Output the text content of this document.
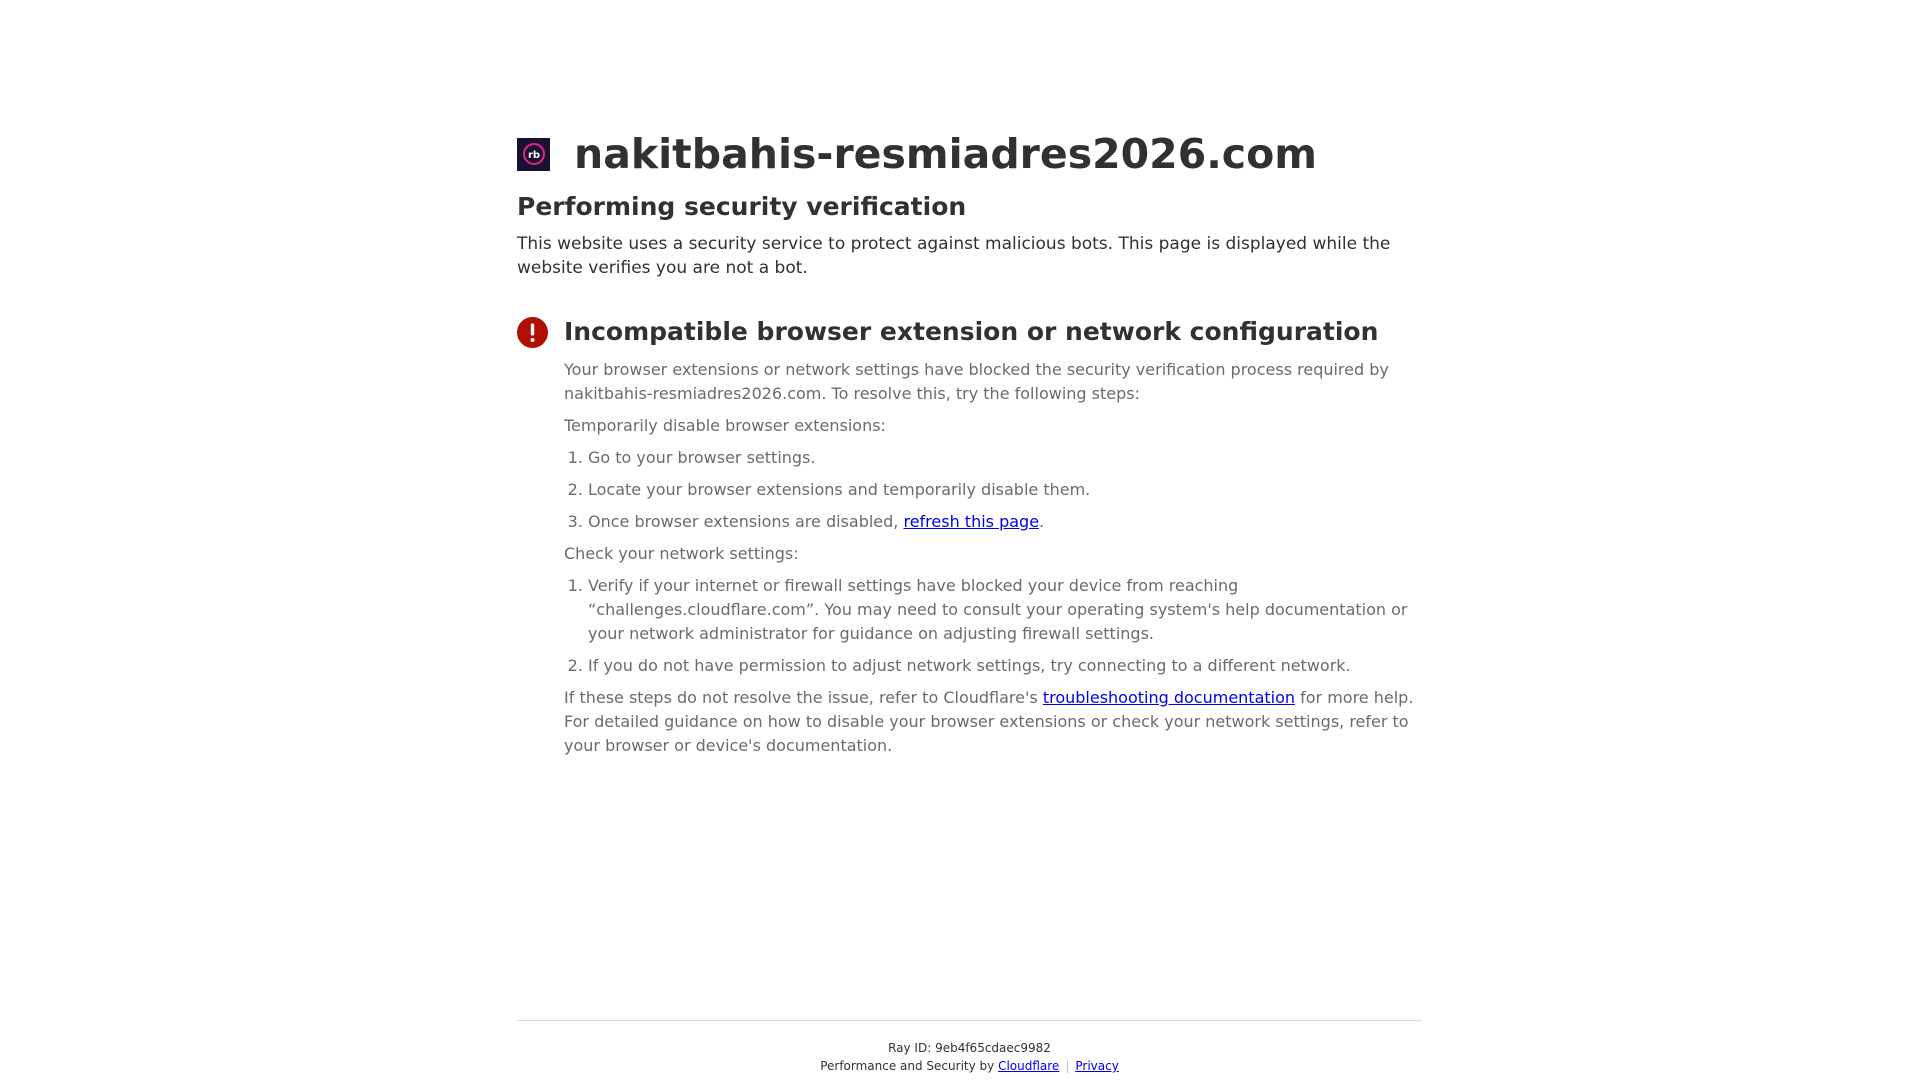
rb nakitbahis-resmiadres2026.com
Performing security verification
This website uses a security service to protect against malicious bots. This page is displayed while the website verifies you are not a bot.
Incompatible browser extension or network configuration
Your browser extensions or network settings have blocked the security verification process required by nakitbahis-resmiadres2026.com. To resolve this, try the following steps:
Temporarily disable browser extensions:
1. Go to your browser settings.
2. Locate your browser extensions and temporarily disable them.
3. Once browser extensions are disabled, refresh this page.
Check your network settings:
1. Verify if your internet or firewall settings have blocked your device from reaching “challenges.cloudflare.com”. You may need to consult your operating system's help documentation or your network administrator for guidance on adjusting firewall settings.
2. If you do not have permission to adjust network settings, try connecting to a different network.
If these steps do not resolve the issue, refer to Cloudflare's troubleshooting documentation for more help. For detailed guidance on how to disable your browser extensions or check your network settings, refer to your browser or device's documentation.
Ray ID: 9eb4f65cdaec9982
Performance and Security by Cloudflare | Privacy
